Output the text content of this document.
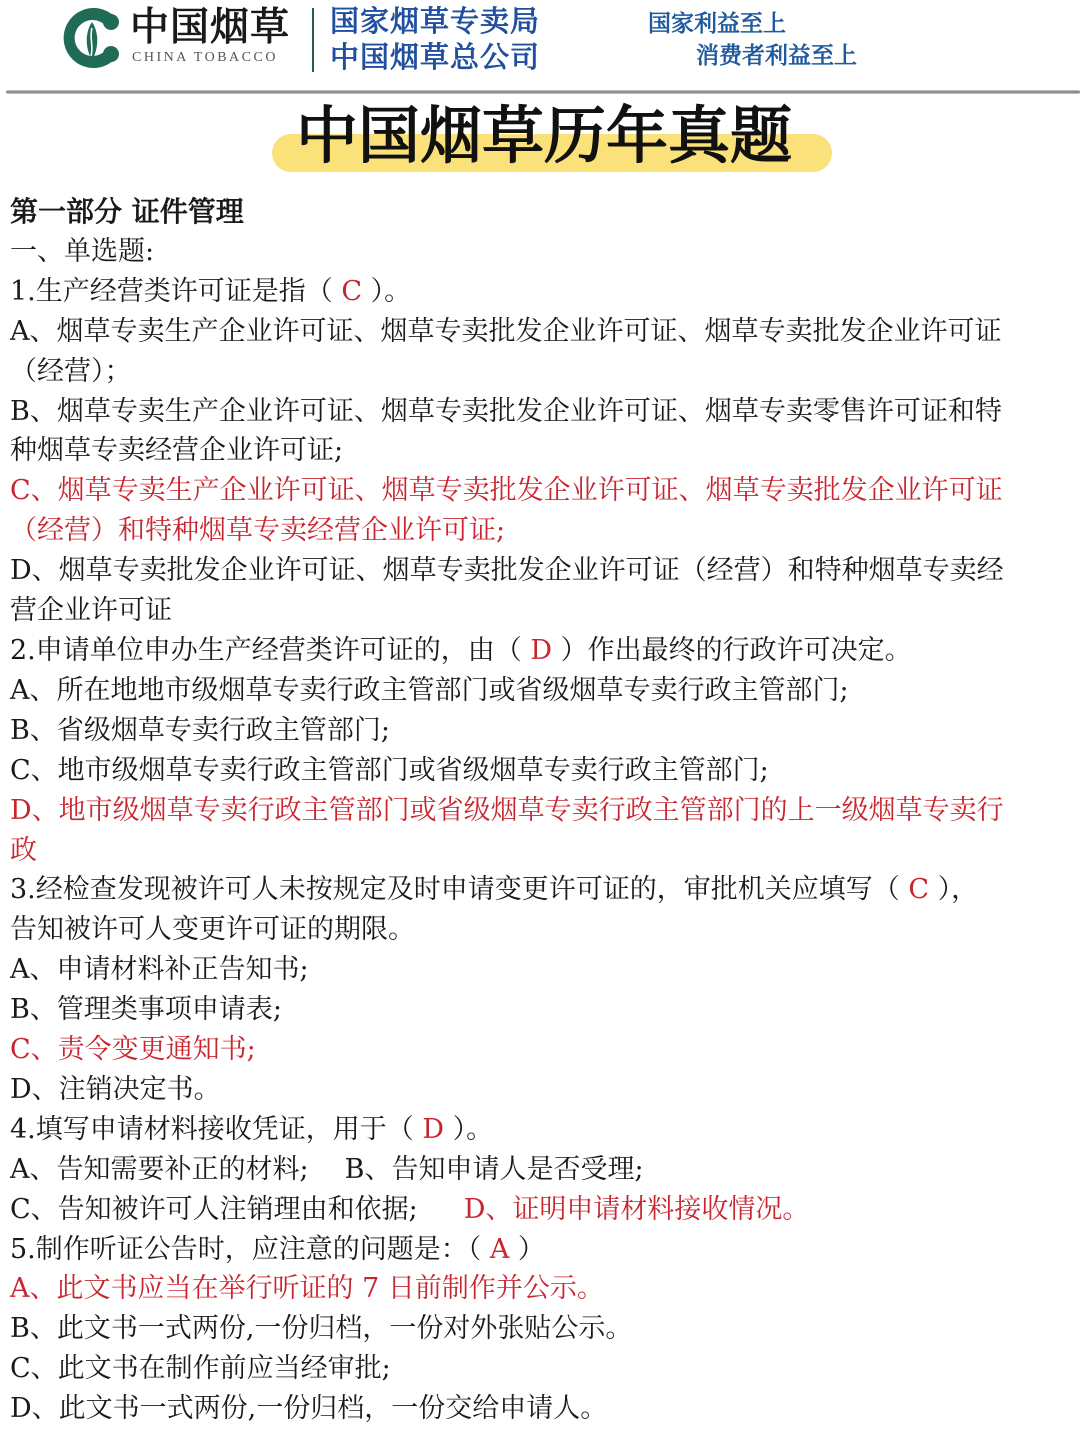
中国烟草
CHINA TOBACCO
国家烟草专卖局
中国烟草总公司
国家利益至上
消费者利益至上
中国烟草历年真题
第一部分 证件管理
一、单选题:
1.生产经营类许可证是指（ C ）。
A、烟草专卖生产企业许可证、烟草专卖批发企业许可证、烟草专卖批发企业许可证
（经营）；
B、烟草专卖生产企业许可证、烟草专卖批发企业许可证、烟草专卖零售许可证和特
种烟草专卖经营企业许可证;
C、烟草专卖生产企业许可证、烟草专卖批发企业许可证、烟草专卖批发企业许可证
（经营）和特种烟草专卖经营企业许可证;
D、烟草专卖批发企业许可证、烟草专卖批发企业许可证（经营）和特种烟草专卖经
营企业许可证
2.申请单位申办生产经营类许可证的，由（ D ）作出最终的行政许可决定。
A、所在地地市级烟草专卖行政主管部门或省级烟草专卖行政主管部门;
B、省级烟草专卖行政主管部门;
C、地市级烟草专卖行政主管部门或省级烟草专卖行政主管部门;
D、地市级烟草专卖行政主管部门或省级烟草专卖行政主管部门的上一级烟草专卖行
政
3.经检查发现被许可人未按规定及时申请变更许可证的，审批机关应填写（ C ），
告知被许可人变更许可证的期限。
A、申请材料补正告知书;
B、管理类事项申请表;
C、责令变更通知书;
D、注销决定书。
4.填写申请材料接收凭证，用于（ D ）。
A、告知需要补正的材料; B、告知申请人是否受理;
C、告知被许可人注销理由和依据; D、证明申请材料接收情况。
5.制作听证公告时，应注意的问题是：（ A ）
A、此文书应当在举行听证的 7 日前制作并公示。
B、此文书一式两份,一份归档，一份对外张贴公示。
C、此文书在制作前应当经审批;
D、此文书一式两份,一份归档，一份交给申请人。
